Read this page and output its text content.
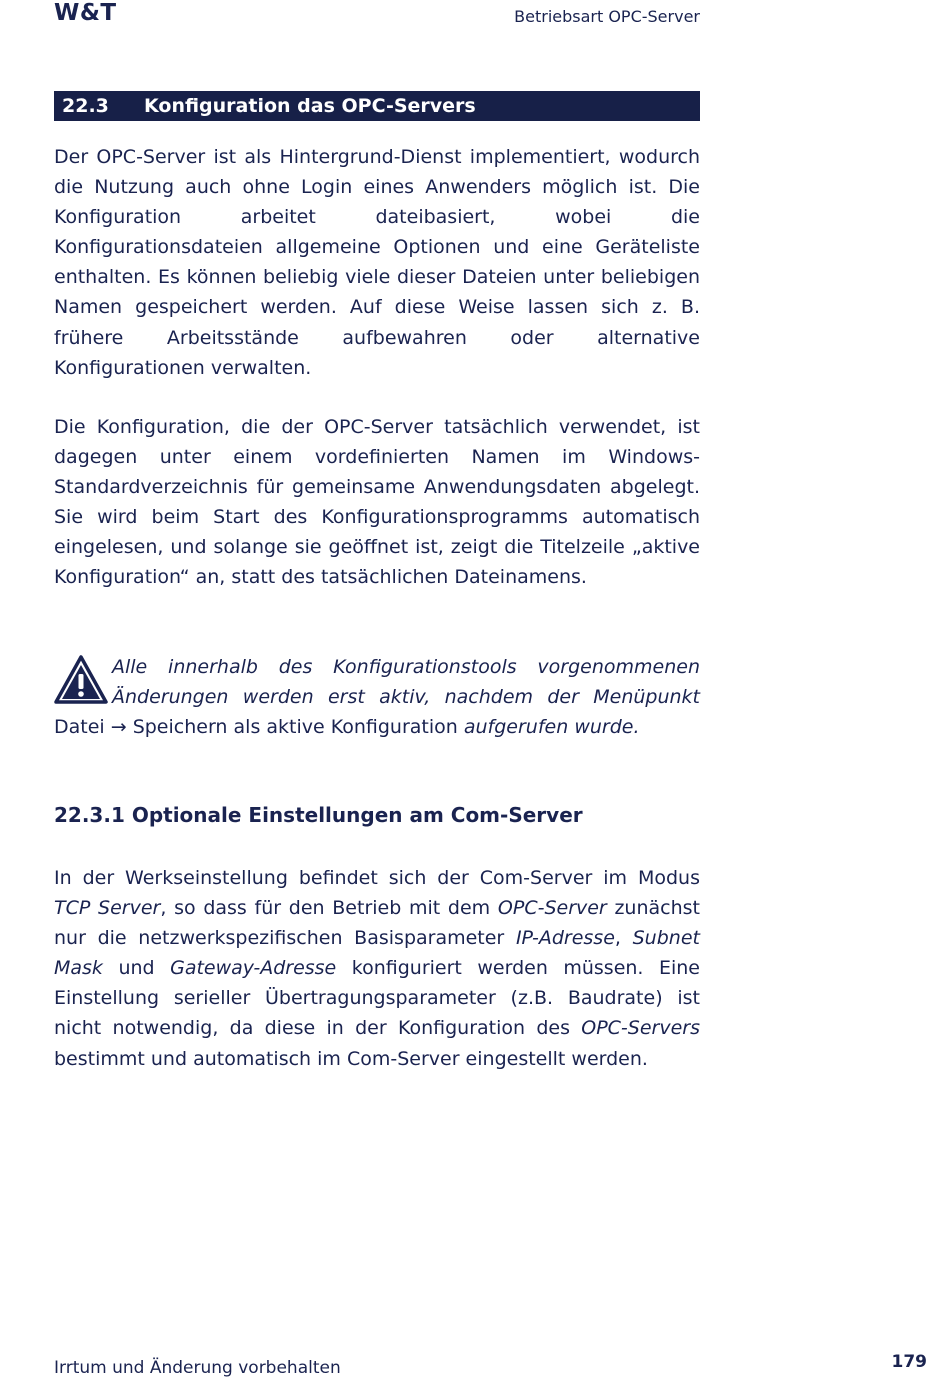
W&T	Betriebsart OPC-Server
22.3 Konfiguration das OPC-Servers

Der OPC-Server ist als Hintergrund-Dienst implementiert, wodurch die Nutzung auch ohne Login eines Anwenders möglich ist. Die Konfiguration arbeitet dateibasiert, wobei die Konfigurationsdateien allgemeine Optionen und eine Geräteliste enthalten. Es können beliebig viele dieser Dateien unter beliebigen Namen gespeichert werden. Auf diese Weise lassen sich z. B. frühere Arbeitsstände aufbewahren oder alternative Konfigurationen verwalten.

Die Konfiguration, die der OPC-Server tatsächlich verwendet, ist dagegen unter einem vordefinierten Namen im Windows-Standardverzeichnis für gemeinsame Anwendungsdaten abgelegt. Sie wird beim Start des Konfigurationsprogramms automatisch eingelesen, und solange sie geöffnet ist, zeigt die Titelzeile „aktive Konfiguration“ an, statt des tatsächlichen Dateinamens.

Alle innerhalb des Konfigurationstools vorgenommenen Änderungen werden erst aktiv, nachdem der Menüpunkt Datei → Speichern als aktive Konfiguration aufgerufen wurde.
22.3.1 Optionale Einstellungen am Com-Server

In der Werkseinstellung befindet sich der Com-Server im Modus TCP Server, so dass für den Betrieb mit dem OPC-Server zunächst nur die netzwerkspezifischen Basisparameter IP-Adresse, Subnet Mask und Gateway-Adresse konfiguriert werden müssen. Eine Einstellung serieller Übertragungsparameter (z.B. Baudrate) ist nicht notwendig, da diese in der Konfiguration des OPC-Servers bestimmt und automatisch im Com-Server eingestellt werden.

Irrtum und Änderung vorbehalten	179
